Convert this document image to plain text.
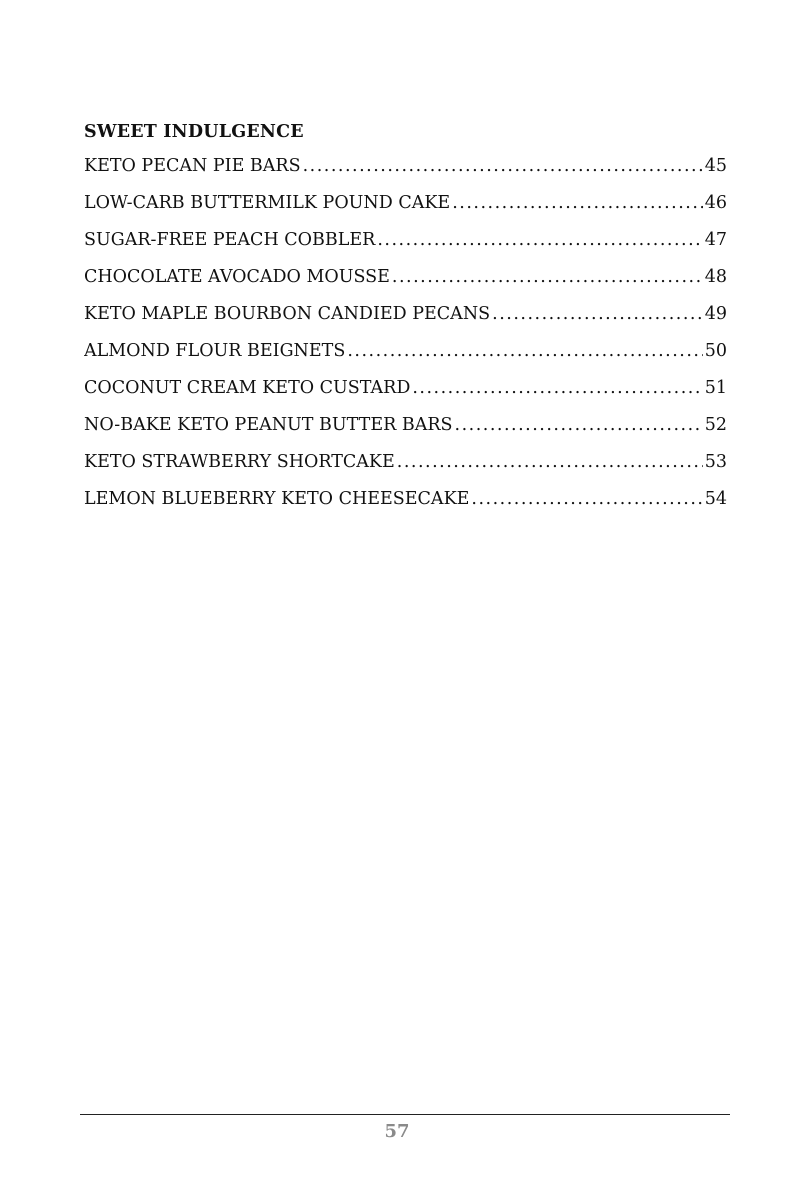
SWEET INDULGENCE
KETO PECAN PIE BARS .....	45
LOW-CARB BUTTERMILK POUND CAKE .....	46
SUGAR-FREE PEACH COBBLER .....	47
CHOCOLATE AVOCADO MOUSSE .....	48
KETO MAPLE BOURBON CANDIED PECANS .....	49
ALMOND FLOUR BEIGNETS .....	50
COCONUT CREAM KETO CUSTARD .....	51
NO-BAKE KETO PEANUT BUTTER BARS .....	52
KETO STRAWBERRY SHORTCAKE .....	53
LEMON BLUEBERRY KETO CHEESECAKE .....	54
57
